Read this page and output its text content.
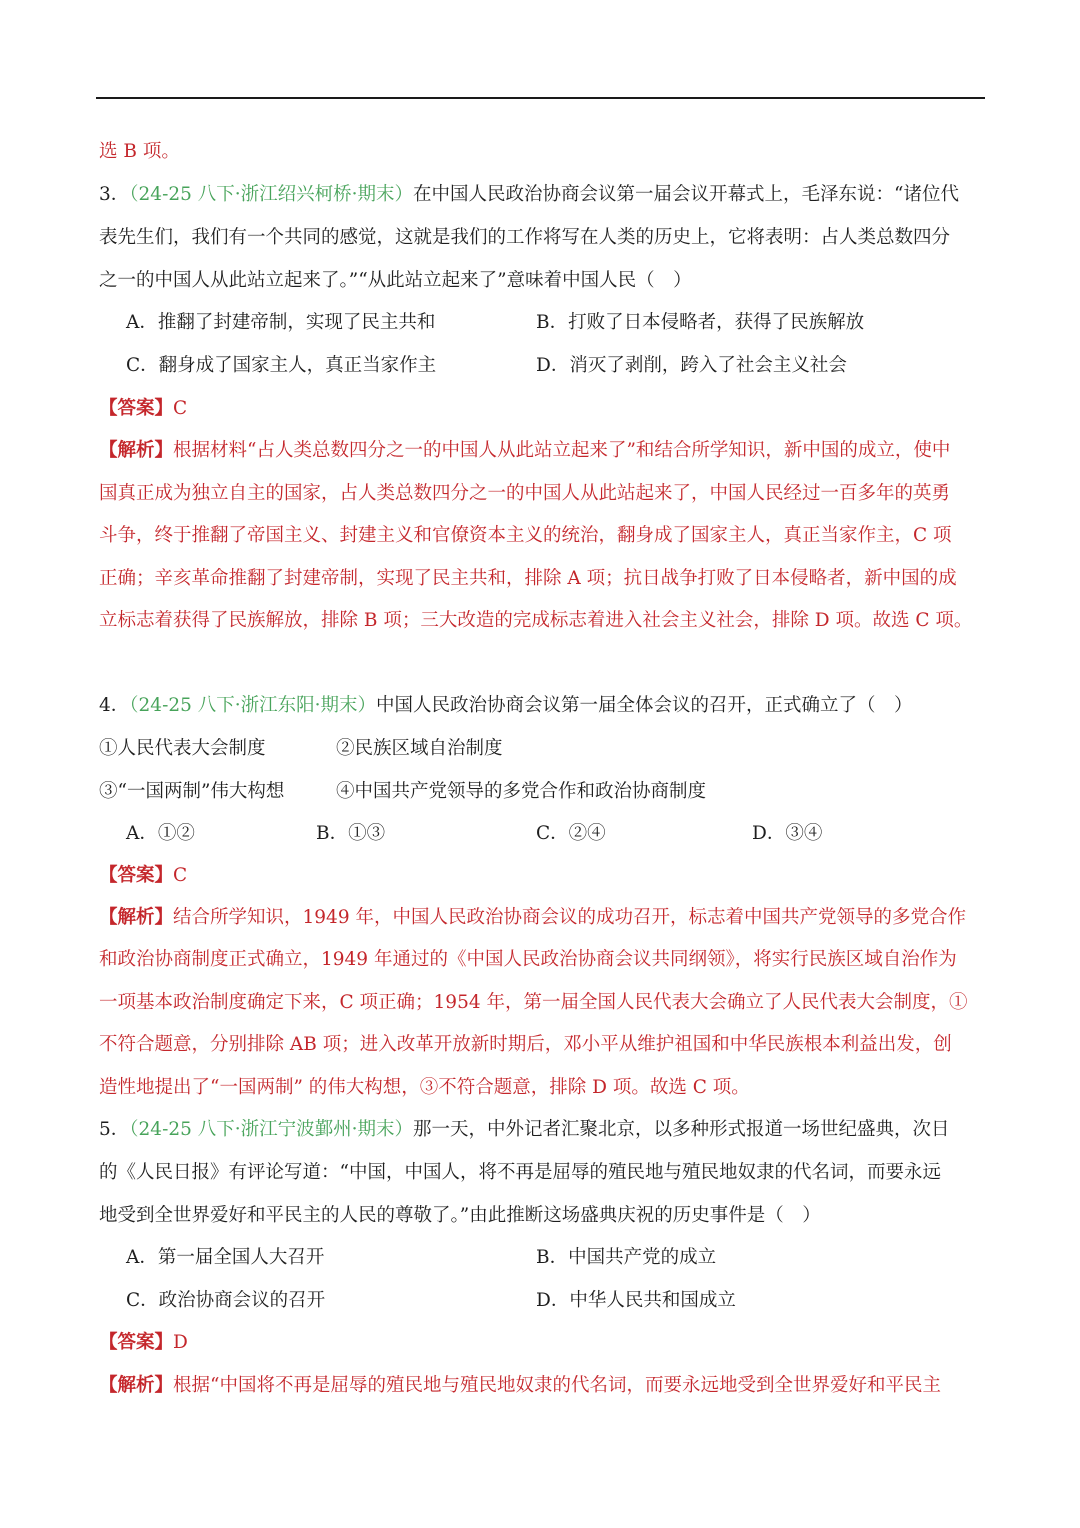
选 B 项。
3．（24-25 八下·浙江绍兴柯桥·期末）在中国人民政治协商会议第一届会议开幕式上，毛泽东说：“诸位代
表先生们，我们有一个共同的感觉，这就是我们的工作将写在人类的历史上，它将表明：占人类总数四分
之一的中国人从此站立起来了。”“从此站立起来了”意味着中国人民（　）
A．推翻了封建帝制，实现了民主共和	B．打败了日本侵略者，获得了民族解放
C．翻身成了国家主人，真正当家作主	D．消灭了剥削，跨入了社会主义社会
【答案】C
【解析】根据材料“占人类总数四分之一的中国人从此站立起来了”和结合所学知识，新中国的成立，使中
国真正成为独立自主的国家，占人类总数四分之一的中国人从此站起来了，中国人民经过一百多年的英勇
斗争，终于推翻了帝国主义、封建主义和官僚资本主义的统治，翻身成了国家主人，真正当家作主，C 项
正确；辛亥革命推翻了封建帝制，实现了民主共和，排除 A 项；抗日战争打败了日本侵略者，新中国的成
立标志着获得了民族解放，排除 B 项；三大改造的完成标志着进入社会主义社会，排除 D 项。故选 C 项。
4．（24-25 八下·浙江东阳·期末）中国人民政治协商会议第一届全体会议的召开，正式确立了（　）
①人民代表大会制度	②民族区域自治制度
③“一国两制”伟大构想	④中国共产党领导的多党合作和政治协商制度
A．①②	B．①③	C．②④	D．③④
【答案】C
【解析】结合所学知识，1949 年，中国人民政治协商会议的成功召开，标志着中国共产党领导的多党合作
和政治协商制度正式确立，1949 年通过的《中国人民政治协商会议共同纲领》，将实行民族区域自治作为
一项基本政治制度确定下来，C 项正确；1954 年，第一届全国人民代表大会确立了人民代表大会制度，①
不符合题意，分别排除 AB 项；进入改革开放新时期后，邓小平从维护祖国和中华民族根本利益出发，创
造性地提出了“一国两制” 的伟大构想，③不符合题意，排除 D 项。故选 C 项。
5．（24-25 八下·浙江宁波鄞州·期末）那一天，中外记者汇聚北京，以多种形式报道一场世纪盛典，次日
的《人民日报》有评论写道：“中国，中国人，将不再是屈辱的殖民地与殖民地奴隶的代名词，而要永远
地受到全世界爱好和平民主的人民的尊敬了。”由此推断这场盛典庆祝的历史事件是（　）
A．第一届全国人大召开	B．中国共产党的成立
C．政治协商会议的召开	D．中华人民共和国成立
【答案】D
【解析】根据“中国将不再是屈辱的殖民地与殖民地奴隶的代名词，而要永远地受到全世界爱好和平民主
